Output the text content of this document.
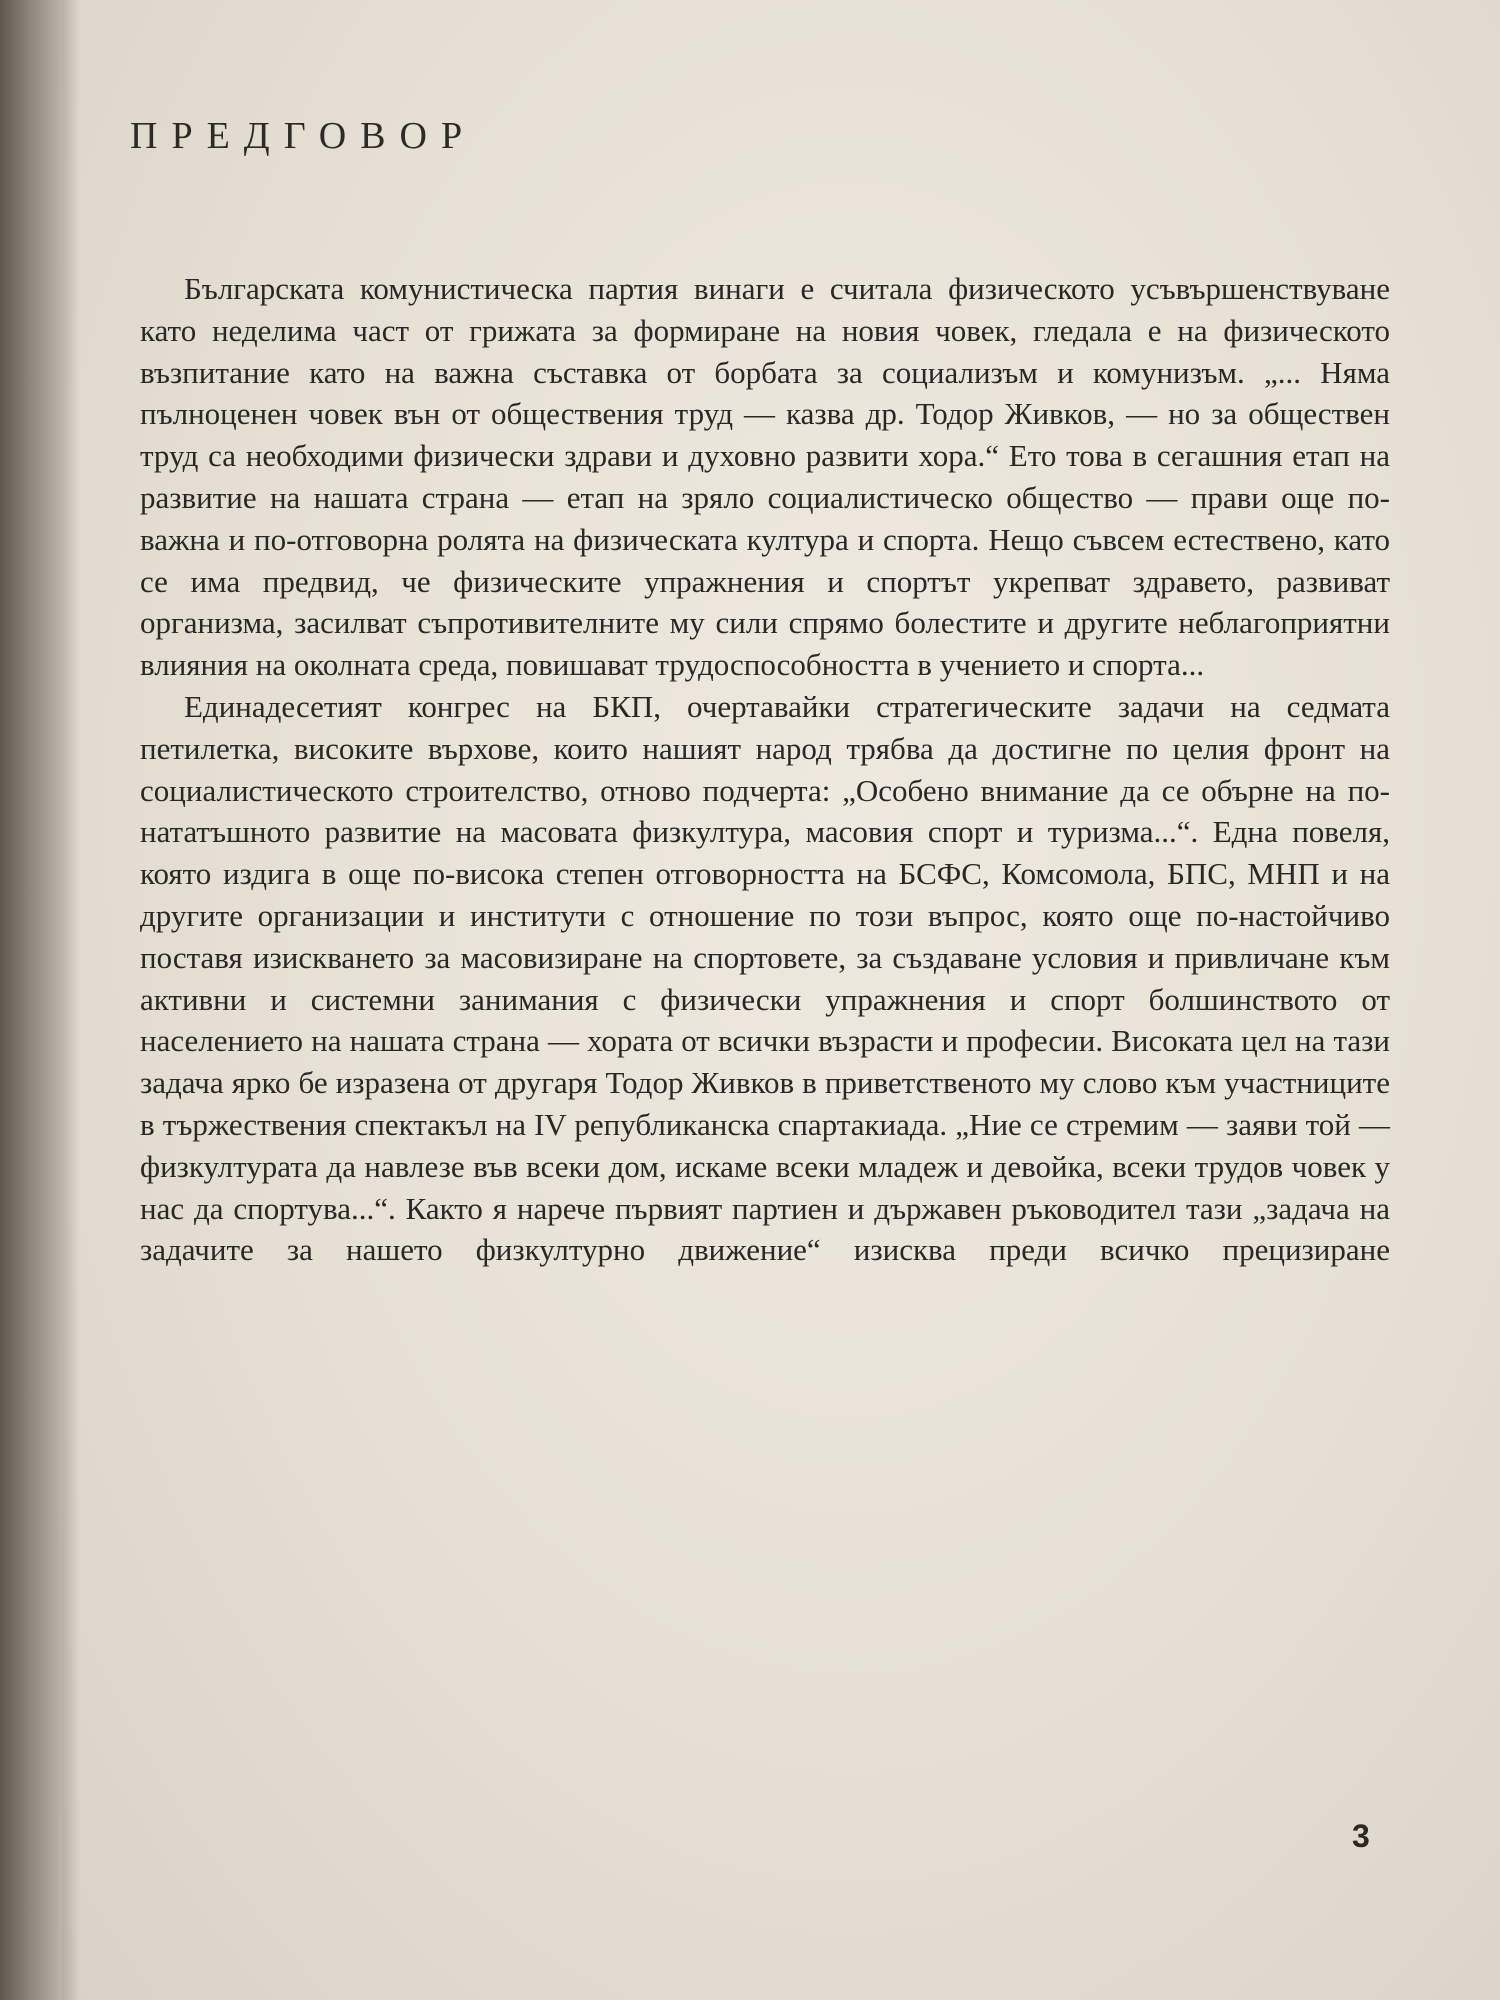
ПРЕДГОВОР

Българската комунистическа партия винаги е считала физическото усъвършенствуване като неделима част от грижата за формиране на новия човек, гледала е на физическото възпитание като на важна съставка от борбата за социализъм и комунизъм. „... Няма пълноценен човек вън от обществения труд — казва др. Тодор Живков, — но за обществен труд са необходими физически здрави и духовно развити хора.“ Ето това в сегашния етап на развитие на нашата страна — етап на зряло социалистическо общество — прави още по-важна и по-отговорна ролята на физическата култура и спорта. Нещо съвсем естествено, като се има предвид, че физическите упражнения и спортът укрепват здравето, развиват организма, засилват съпротивителните му сили спрямо болестите и другите неблагоприятни влияния на околната среда, повишават трудоспособността в учението и спорта...

Единадесетият конгрес на БКП, очертавайки стратегическите задачи на седмата петилетка, високите върхове, които нашият народ трябва да достигне по целия фронт на социалистическото строителство, отново подчерта: „Особено внимание да се обърне на по-нататъшното развитие на масовата физкултура, масовия спорт и туризма...“. Една повеля, която издига в още по-висока степен отговорността на БСФС, Комсомола, БПС, МНП и на другите организации и институти с отношение по този въпрос, която още по-настойчиво поставя изискването за масовизиране на спортовете, за създаване условия и привличане към активни и системни занимания с физически упражнения и спорт болшинството от населението на нашата страна — хората от всички възрасти и професии. Високата цел на тази задача ярко бе изразена от другаря Тодор Живков в приветственото му слово към участниците в тържествения спектакъл на IV републиканска спартакиада. „Ние се стремим — заяви той — физкултурата да навлезе във всеки дом, искаме всеки младеж и девойка, всеки трудов човек у нас да спортува...“. Както я нарече първият партиен и държавен ръководител тази „задача на задачите за нашето физкултурно движение“ изисква преди всичко прецизиране

3
